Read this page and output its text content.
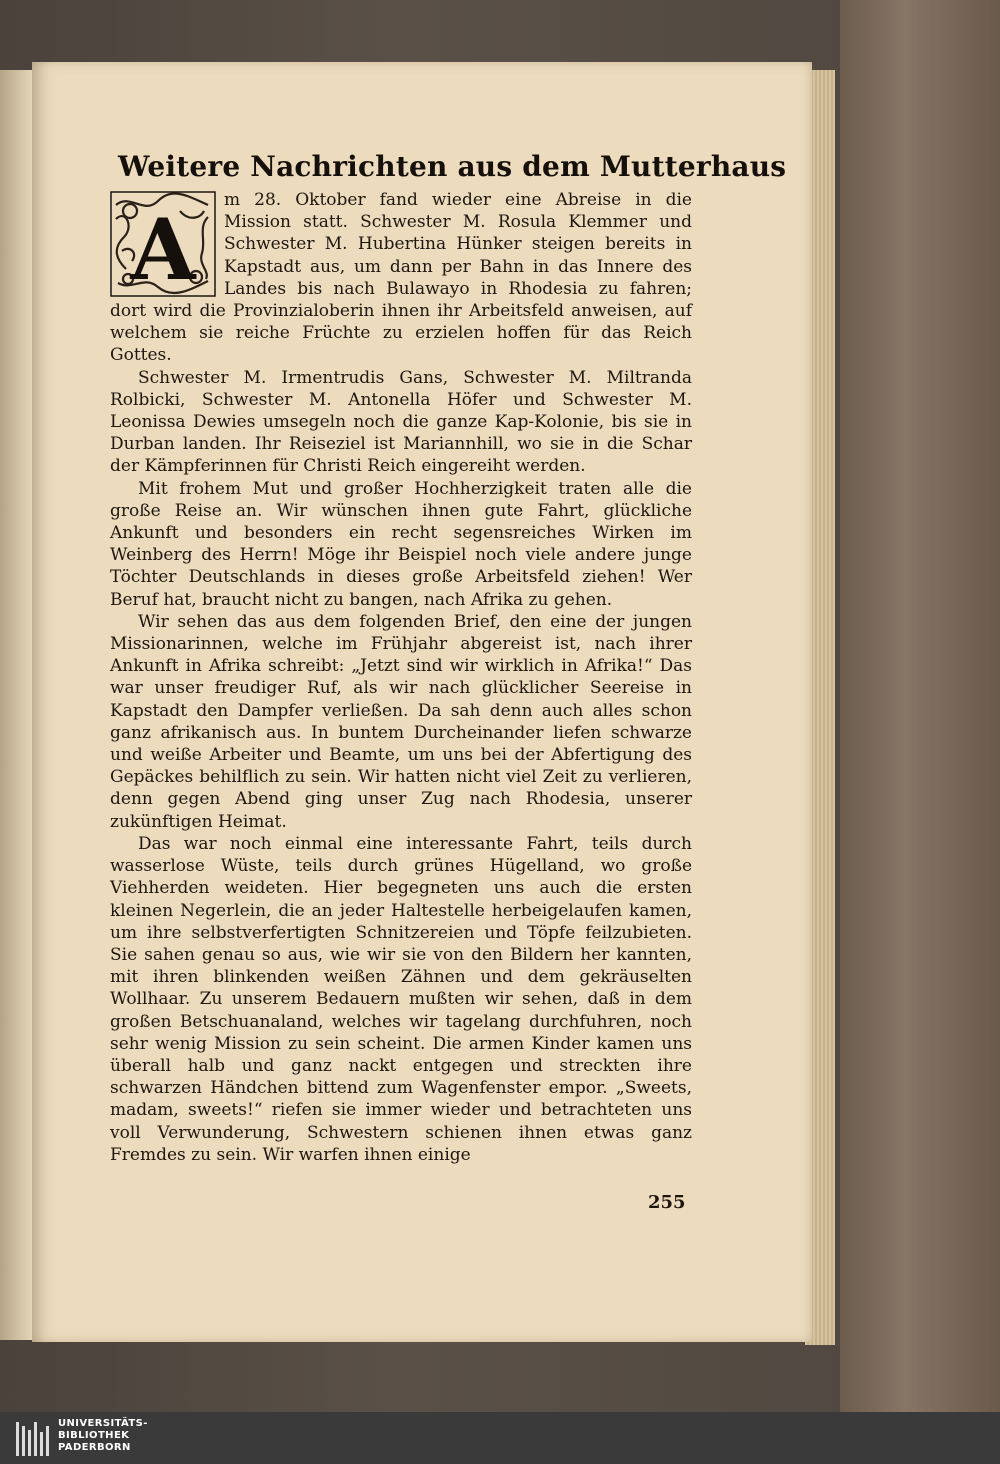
Weitere Nachrichten aus dem Mutterhaus

A m 28. Oktober fand wieder eine Abreise in die Mission statt. Schwester M. Rosula Klemmer und Schwester M. Hubertina Hünker steigen bereits in Kapstadt aus, um dann per Bahn in das Innere des Landes bis nach Bulawayo in Rhodesia zu fahren; dort wird die Provinzialoberin ihnen ihr Arbeitsfeld anweisen, auf welchem sie reiche Früchte zu erzielen hoffen für das Reich Gottes.

Schwester M. Irmentrudis Gans, Schwester M. Miltranda Rolbicki, Schwester M. Antonella Höfer und Schwester M. Leonissa Dewies umsegeln noch die ganze Kap-Kolonie, bis sie in Durban landen. Ihr Reiseziel ist Mariannhill, wo sie in die Schar der Kämpferinnen für Christi Reich eingereiht werden.

Mit frohem Mut und großer Hochherzigkeit traten alle die große Reise an. Wir wünschen ihnen gute Fahrt, glückliche Ankunft und besonders ein recht segensreiches Wirken im Weinberg des Herrn! Möge ihr Beispiel noch viele andere junge Töchter Deutschlands in dieses große Arbeitsfeld ziehen! Wer Beruf hat, braucht nicht zu bangen, nach Afrika zu gehen.

Wir sehen das aus dem folgenden Brief, den eine der jungen Missionarinnen, welche im Frühjahr abgereist ist, nach ihrer Ankunft in Afrika schreibt: „Jetzt sind wir wirklich in Afrika!“ Das war unser freudiger Ruf, als wir nach glücklicher Seereise in Kapstadt den Dampfer verließen. Da sah denn auch alles schon ganz afrikanisch aus. In buntem Durcheinander liefen schwarze und weiße Arbeiter und Beamte, um uns bei der Abfertigung des Gepäckes behilflich zu sein. Wir hatten nicht viel Zeit zu verlieren, denn gegen Abend ging unser Zug nach Rhodesia, unserer zukünftigen Heimat.

Das war noch einmal eine interessante Fahrt, teils durch wasserlose Wüste, teils durch grünes Hügelland, wo große Viehherden weideten. Hier begegneten uns auch die ersten kleinen Negerlein, die an jeder Haltestelle herbeigelaufen kamen, um ihre selbstverfertigten Schnitzereien und Töpfe feilzubieten. Sie sahen genau so aus, wie wir sie von den Bildern her kannten, mit ihren blinkenden weißen Zähnen und dem gekräuselten Wollhaar. Zu unserem Bedauern mußten wir sehen, daß in dem großen Betschuanaland, welches wir tagelang durchfuhren, noch sehr wenig Mission zu sein scheint. Die armen Kinder kamen uns überall halb und ganz nackt entgegen und streckten ihre schwarzen Händchen bittend zum Wagenfenster empor. „Sweets, madam, sweets!“ riefen sie immer wieder und betrachteten uns voll Verwunderung, Schwestern schienen ihnen etwas ganz Fremdes zu sein. Wir warfen ihnen einige

255
UNIVERSITÄTS-
BIBLIOTHEK
PADERBORN
